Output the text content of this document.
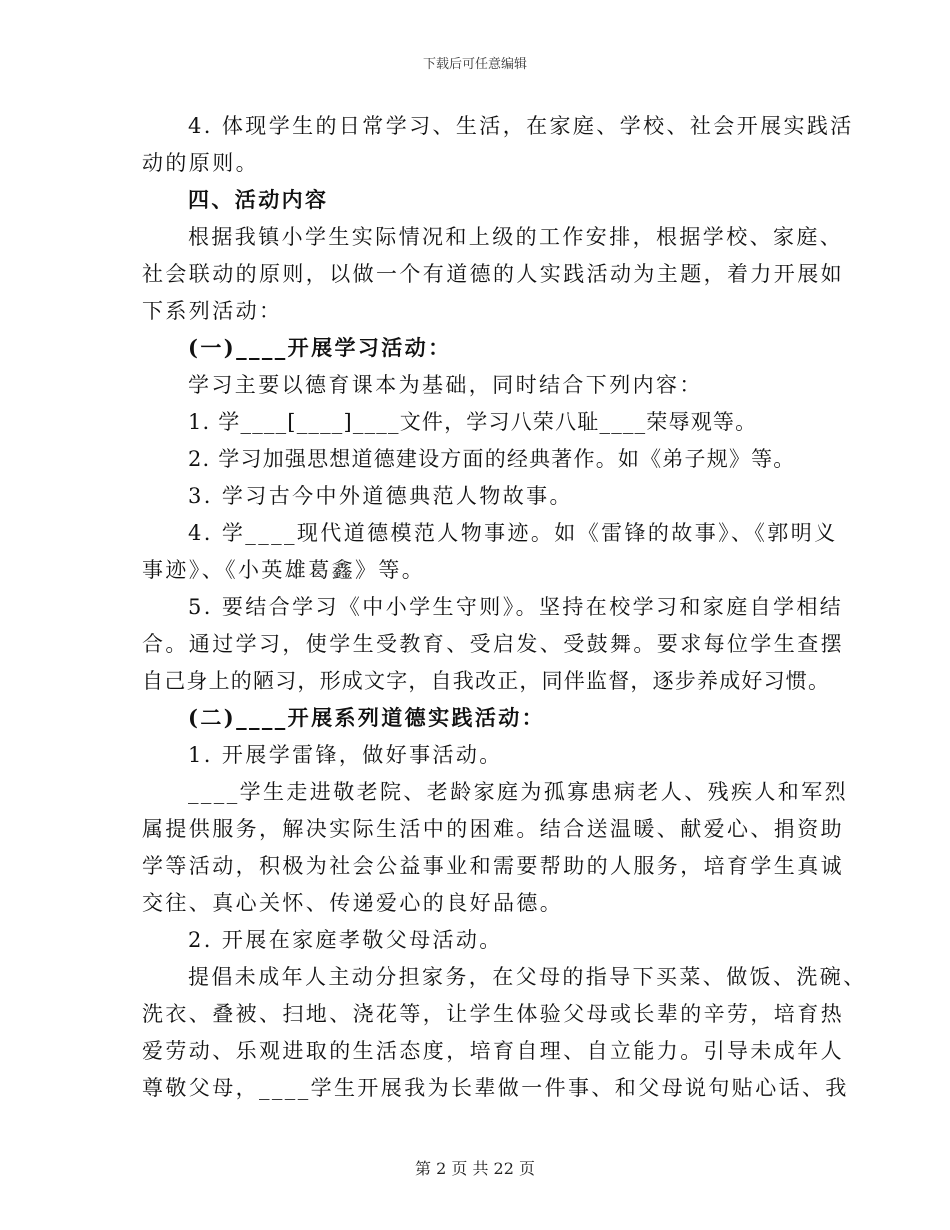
下载后可任意编辑
4. 体现学生的日常学习、生活，在家庭、学校、社会开展实践活
动的原则。
四、活动内容
根据我镇小学生实际情况和上级的工作安排，根据学校、家庭、
社会联动的原则，以做一个有道德的人实践活动为主题，着力开展如
下系列活动：
(一)____开展学习活动：
学习主要以德育课本为基础，同时结合下列内容：
1. 学____[____]____文件，学习八荣八耻____荣辱观等。
2. 学习加强思想道德建设方面的经典著作。如《弟子规》等。
3. 学习古今中外道德典范人物故事。
4. 学____现代道德模范人物事迹。如《雷锋的故事》、《郭明义
事迹》、《小英雄葛鑫》等。
5. 要结合学习《中小学生守则》。坚持在校学习和家庭自学相结
合。通过学习，使学生受教育、受启发、受鼓舞。要求每位学生查摆
自己身上的陋习，形成文字，自我改正，同伴监督，逐步养成好习惯。
(二)____开展系列道德实践活动：
1. 开展学雷锋，做好事活动。
____学生走进敬老院、老龄家庭为孤寡患病老人、残疾人和军烈
属提供服务，解决实际生活中的困难。结合送温暖、献爱心、捐资助
学等活动，积极为社会公益事业和需要帮助的人服务，培育学生真诚
交往、真心关怀、传递爱心的良好品德。
2. 开展在家庭孝敬父母活动。
提倡未成年人主动分担家务，在父母的指导下买菜、做饭、洗碗、
洗衣、叠被、扫地、浇花等，让学生体验父母或长辈的辛劳，培育热
爱劳动、乐观进取的生活态度，培育自理、自立能力。引导未成年人
尊敬父母，____学生开展我为长辈做一件事、和父母说句贴心话、我
第 2 页 共 22 页
